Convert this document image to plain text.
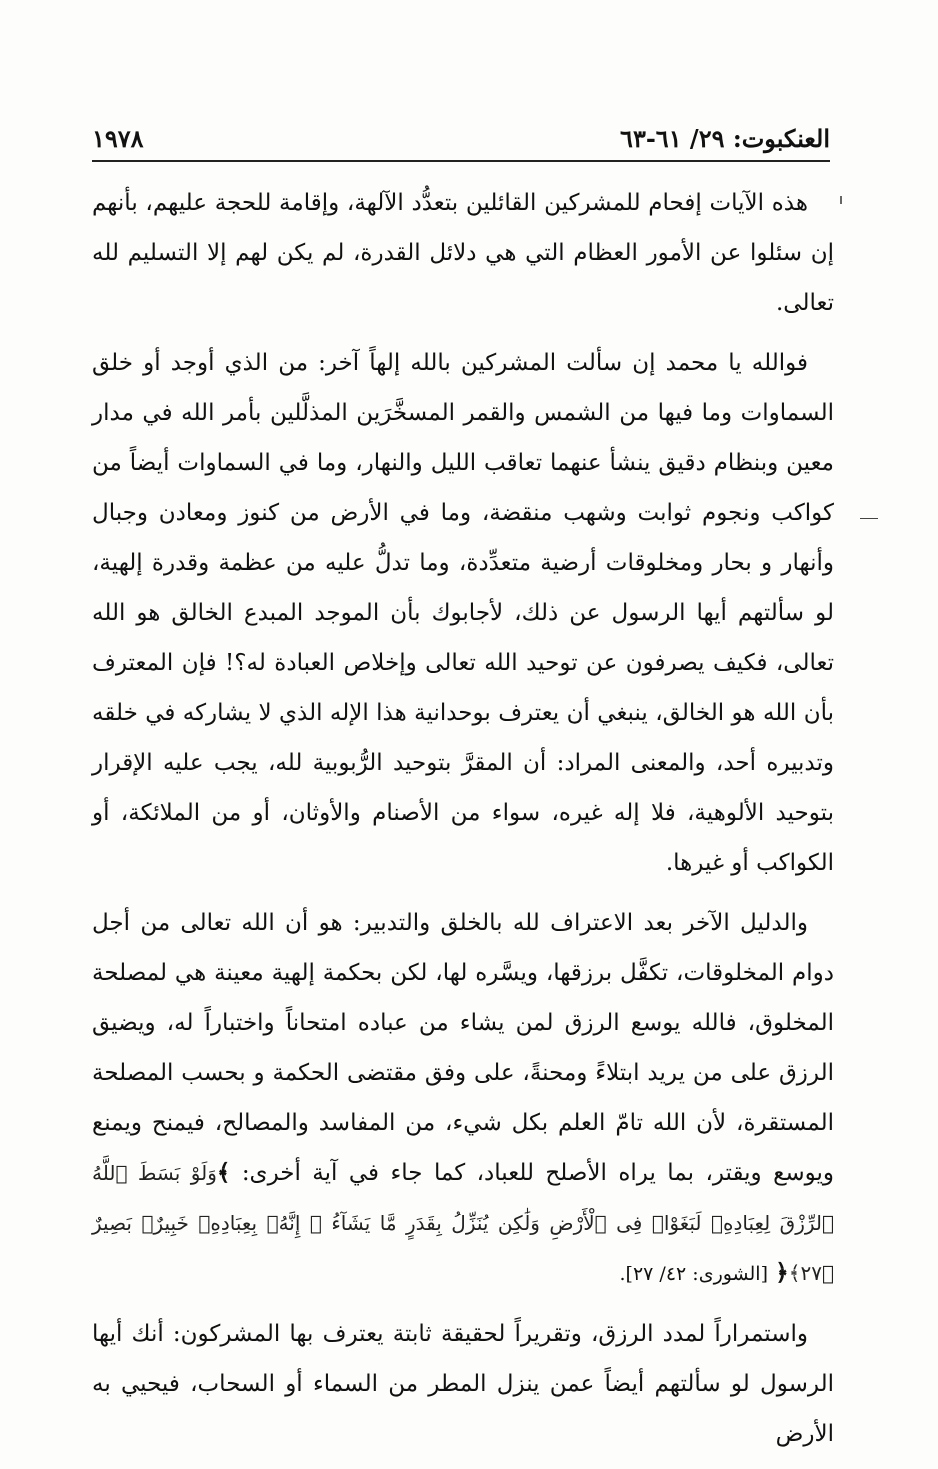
العنكبوت: ٢٩/ ٦١-٦٣
١٩٧٨

هذه الآيات إفحام للمشركين القائلين بتعدُّد الآلهة، وإقامة للحجة عليهم، بأنهم إن سئلوا عن الأمور العظام التي هي دلائل القدرة، لم يكن لهم إلا التسليم لله تعالى.

فوالله يا محمد إن سألت المشركين بالله إلهاً آخر: من الذي أوجد أو خلق السماوات وما فيها من الشمس والقمر المسخَّرَين المذلَّلين بأمر الله في مدار معين وبنظام دقيق ينشأ عنهما تعاقب الليل والنهار، وما في السماوات أيضاً من كواكب ونجوم ثوابت وشهب منقضة، وما في الأرض من كنوز ومعادن وجبال وأنهار و بحار ومخلوقات أرضية متعدِّدة، وما تدلُّ عليه من عظمة وقدرة إلهية، لو سألتهم أيها الرسول عن ذلك، لأجابوك بأن الموجد المبدع الخالق هو الله تعالى، فكيف يصرفون عن توحيد الله تعالى وإخلاص العبادة له؟! فإن المعترف بأن الله هو الخالق، ينبغي أن يعترف بوحدانية هذا الإله الذي لا يشاركه في خلقه وتدبيره أحد، والمعنى المراد: أن المقرَّ بتوحيد الرُّبوبية لله، يجب عليه الإقرار بتوحيد الألوهية، فلا إله غيره، سواء من الأصنام والأوثان، أو من الملائكة، أو الكواكب أو غيرها.

والدليل الآخر بعد الاعتراف لله بالخلق والتدبير: هو أن الله تعالى من أجل دوام المخلوقات، تكفَّل برزقها، ويسَّره لها، لكن بحكمة إلهية معينة هي لمصلحة المخلوق، فالله يوسع الرزق لمن يشاء من عباده امتحاناً واختباراً له، ويضيق الرزق على من يريد ابتلاءً ومحنةً، على وفق مقتضى الحكمة و بحسب المصلحة المستقرة، لأن الله تامّ العلم بكل شيء، من المفاسد والمصالح، فيمنح ويمنع ويوسع ويقتر، بما يراه الأصلح للعباد، كما جاء في آية أخرى: ﴾وَلَوْ بَسَطَ ٱللَّهُ ٱلرِّزْقَ لِعِبَادِهِۦ لَبَغَوْا۟ فِى ٱلْأَرْضِ وَلَٰكِن يُنَزِّلُ بِقَدَرٍ مَّا يَشَآءُ ۚ إِنَّهُۥ بِعِبَادِهِۦ خَبِيرٌۢ بَصِيرٌ ﴿٢٧﴾﴿ [الشورى: ٤٢/ ٢٧].

واستمراراً لمدد الرزق، وتقريراً لحقيقة ثابتة يعترف بها المشركون: أنك أيها الرسول لو سألتهم أيضاً عمن ينزل المطر من السماء أو السحاب، فيحيي به الأرض
